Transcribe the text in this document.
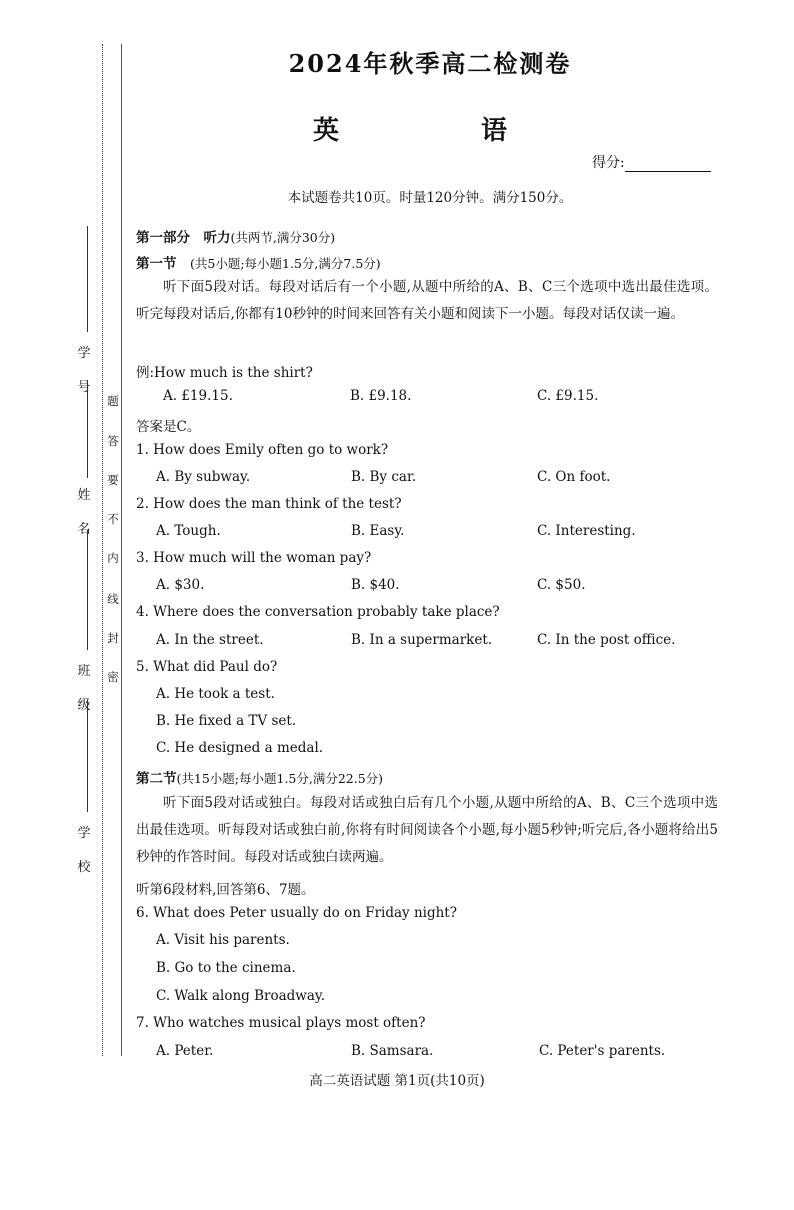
学

号
姓

名
班

级
学

校
题
答
要
不
内
线
封
密
2024年秋季高二检测卷
英　　语
得分:
本试题卷共10页。时量120分钟。满分150分。
第一部分　听力(共两节,满分30分)
第一节　 (共5小题;每小题1.5分,满分7.5分)
听下面5段对话。每段对话后有一个小题,从题中所给的A、B、C三个选项中选出最佳选项。听完每段对话后,你都有10秒钟的时间来回答有关小题和阅读下一小题。每段对话仅读一遍。
例:How much is the shirt?
A. £19.15.	B. £9.18.	C. £9.15.
答案是C。
1. How does Emily often go to work?
A. By subway.	B. By car.	C. On foot.
2. How does the man think of the test?
A. Tough.	B. Easy.	C. Interesting.
3. How much will the woman pay?
A. $30.	B. $40.	C. $50.
4. Where does the conversation probably take place?
A. In the street.	B. In a supermarket.	C. In the post office.
5. What did Paul do?
A. He took a test.
B. He fixed a TV set.
C. He designed a medal.
第二节(共15小题;每小题1.5分,满分22.5分)
听下面5段对话或独白。每段对话或独白后有几个小题,从题中所给的A、B、C三个选项中选出最佳选项。听每段对话或独白前,你将有时间阅读各个小题,每小题5秒钟;听完后,各小题将给出5秒钟的作答时间。每段对话或独白读两遍。
听第6段材料,回答第6、7题。
6. What does Peter usually do on Friday night?
A. Visit his parents.
B. Go to the cinema.
C. Walk along Broadway.
7. Who watches musical plays most often?
A. Peter.	B. Samsara.	C. Peter's parents.
高二英语试题 第1页(共10页)
